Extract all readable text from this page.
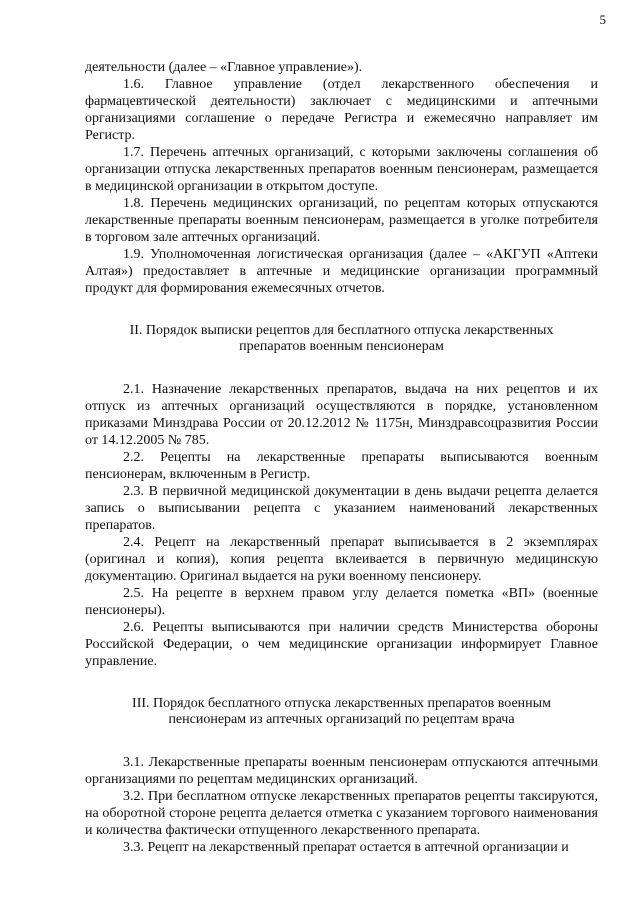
5

деятельности (далее – «Главное управление»).

1.6. Главное управление (отдел лекарственного обеспечения и фармацевтической деятельности) заключает с медицинскими и аптечными организациями соглашение о передаче Регистра и ежемесячно направляет им Регистр.

1.7. Перечень аптечных организаций, с которыми заключены соглашения об организации отпуска лекарственных препаратов военным пенсионерам, размещается в медицинской организации в открытом доступе.

1.8. Перечень медицинских организаций, по рецептам которых отпускаются лекарственные препараты военным пенсионерам, размещается в уголке потребителя в торговом зале аптечных организаций.

1.9. Уполномоченная логистическая организация (далее – «АКГУП «Аптеки Алтая») предоставляет в аптечные и медицинские организации программный продукт для формирования ежемесячных отчетов.

II. Порядок выписки рецептов для бесплатного отпуска лекарственных препаратов военным пенсионерам

2.1. Назначение лекарственных препаратов, выдача на них рецептов и их отпуск из аптечных организаций осуществляются в порядке, установленном приказами Минздрава России от 20.12.2012 № 1175н, Минздравсоцразвития России от 14.12.2005 № 785.

2.2. Рецепты на лекарственные препараты выписываются военным пенсионерам, включенным в Регистр.

2.3. В первичной медицинской документации в день выдачи рецепта делается запись о выписывании рецепта с указанием наименований лекарственных препаратов.

2.4. Рецепт на лекарственный препарат выписывается в 2 экземплярах (оригинал и копия), копия рецепта вклеивается в первичную медицинскую документацию. Оригинал выдается на руки военному пенсионеру.

2.5. На рецепте в верхнем правом углу делается пометка «ВП» (военные пенсионеры).

2.6. Рецепты выписываются при наличии средств Министерства обороны Российской Федерации, о чем медицинские организации информирует Главное управление.

III. Порядок бесплатного отпуска лекарственных препаратов военным пенсионерам из аптечных организаций по рецептам врача

3.1. Лекарственные препараты военным пенсионерам отпускаются аптечными организациями по рецептам медицинских организаций.

3.2. При бесплатном отпуске лекарственных препаратов рецепты таксируются, на оборотной стороне рецепта делается отметка с указанием торгового наименования и количества фактически отпущенного лекарственного препарата.

3.3. Рецепт на лекарственный препарат остается в аптечной организации и
